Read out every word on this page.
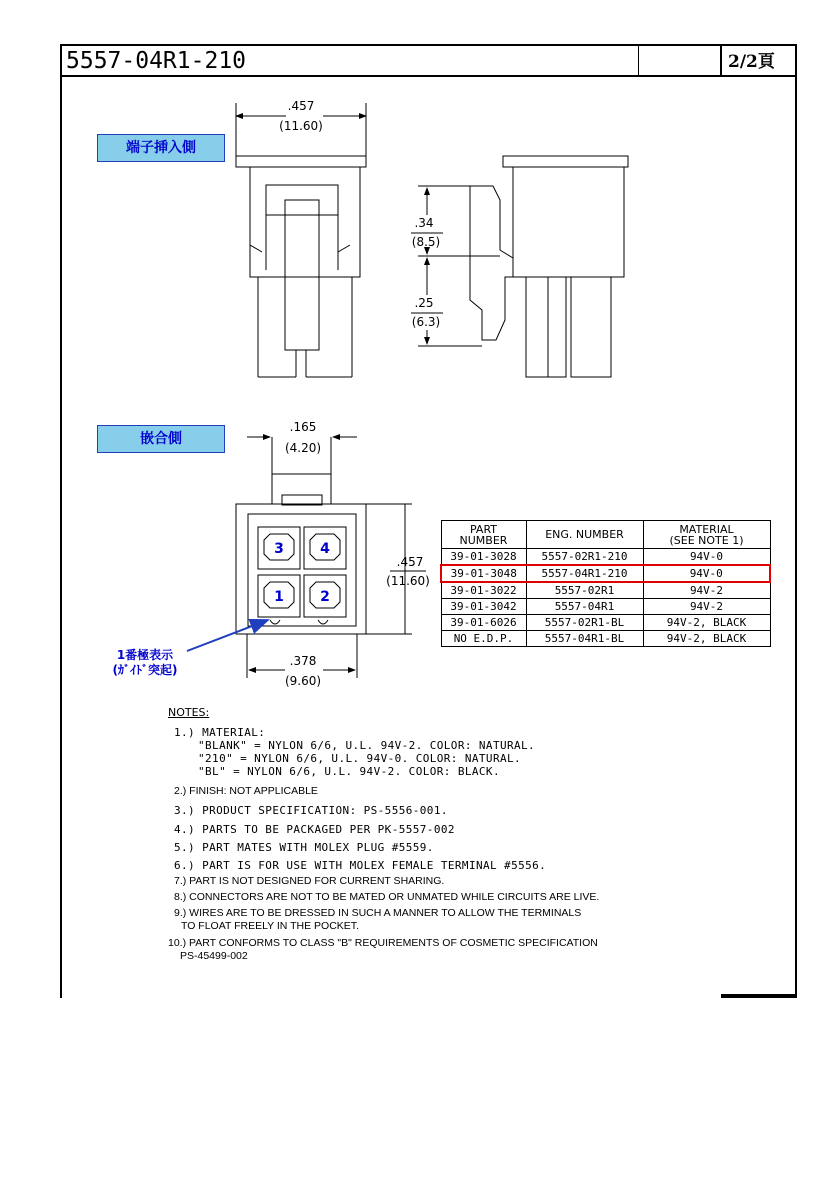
5557-04R1-210	2/2頁
端子挿入側
嵌合側
.457
(11.60)
.34
(8.5)
.25
(6.3)
.165
(4.20)
.457
(11.60)
.378
(9.60)
3	4
1	2
1番極表示
(ｶﾞｲﾄﾞ突起)
PART
NUMBER	ENG. NUMBER	MATERIAL
(SEE NOTE 1)
39-01-3028	5557-02R1-210	94V-0
39-01-3048	5557-04R1-210	94V-0
39-01-3022	5557-02R1	94V-2
39-01-3042	5557-04R1	94V-2
39-01-6026	5557-02R1-BL	94V-2, BLACK
NO E.D.P.	5557-04R1-BL	94V-2, BLACK
NOTES:
1.) MATERIAL:
"BLANK" = NYLON 6/6, U.L. 94V-2. COLOR: NATURAL.
"210" = NYLON 6/6, U.L. 94V-0. COLOR: NATURAL.
"BL" = NYLON 6/6, U.L. 94V-2. COLOR: BLACK.
2.) FINISH: NOT APPLICABLE
3.) PRODUCT SPECIFICATION: PS-5556-001.
4.) PARTS TO BE PACKAGED PER PK-5557-002
5.) PART MATES WITH MOLEX PLUG #5559.
6.) PART IS FOR USE WITH MOLEX FEMALE TERMINAL #5556.
7.) PART IS NOT DESIGNED FOR CURRENT SHARING.
8.) CONNECTORS ARE NOT TO BE MATED OR UNMATED WHILE CIRCUITS ARE LIVE.
9.) WIRES ARE TO BE DRESSED IN SUCH A MANNER TO ALLOW THE TERMINALS
TO FLOAT FREELY IN THE POCKET.
10.) PART CONFORMS TO CLASS "B" REQUIREMENTS OF COSMETIC SPECIFICATION
PS-45499-002
